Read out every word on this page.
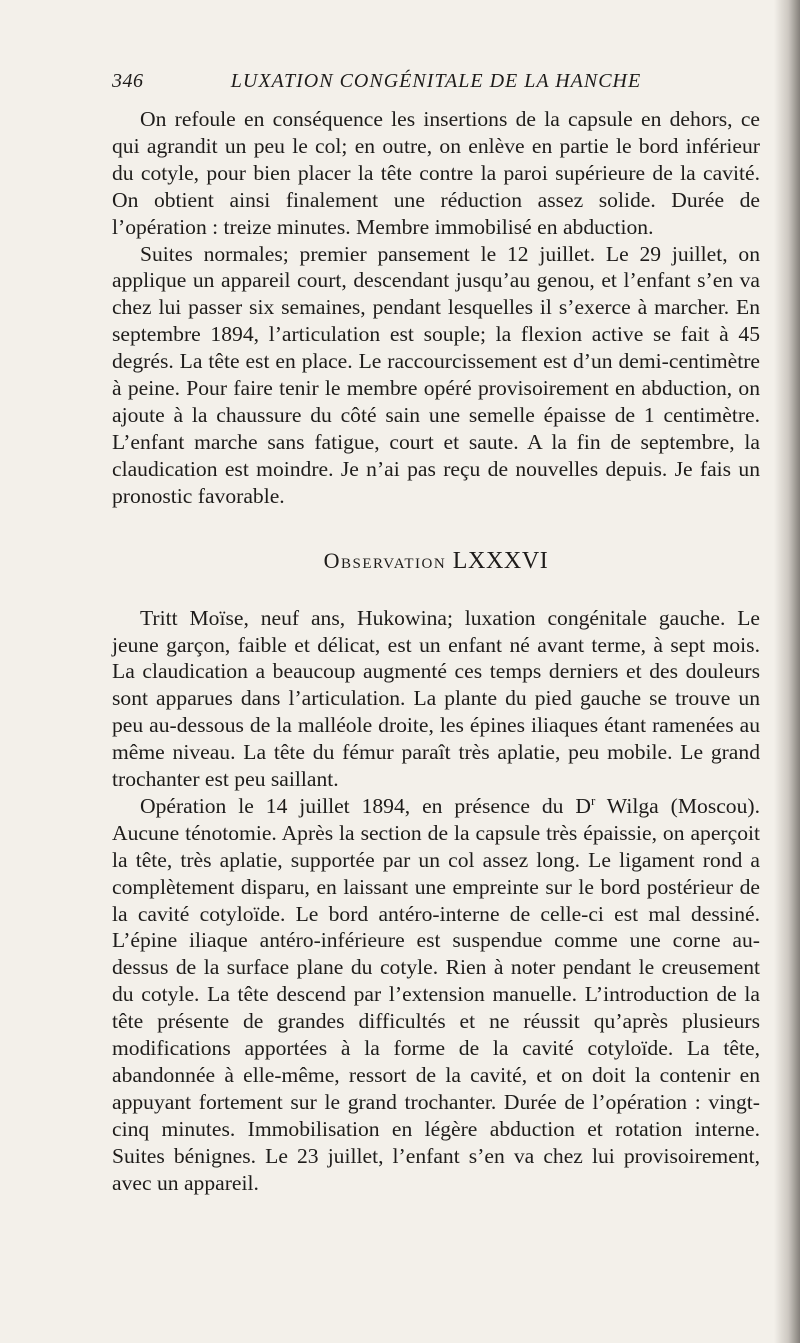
346	LUXATION CONGÉNITALE DE LA HANCHE

On refoule en conséquence les insertions de la capsule en dehors, ce qui agrandit un peu le col; en outre, on enlève en partie le bord inférieur du cotyle, pour bien placer la tête contre la paroi supérieure de la cavité. On obtient ainsi finalement une réduction assez solide. Durée de l’opération : treize minutes. Membre immobilisé en abduction.

Suites normales; premier pansement le 12 juillet. Le 29 juillet, on applique un appareil court, descendant jusqu’au genou, et l’enfant s’en va chez lui passer six semaines, pendant lesquelles il s’exerce à marcher. En septembre 1894, l’articulation est souple; la flexion active se fait à 45 degrés. La tête est en place. Le raccourcissement est d’un demi-centimètre à peine. Pour faire tenir le membre opéré provisoirement en abduction, on ajoute à la chaussure du côté sain une semelle épaisse de 1 centimètre. L’enfant marche sans fatigue, court et saute. A la fin de septembre, la claudication est moindre. Je n’ai pas reçu de nouvelles depuis. Je fais un pronostic favorable.

Observation LXXXVI

Tritt Moïse, neuf ans, Hukowina; luxation congénitale gauche. Le jeune garçon, faible et délicat, est un enfant né avant terme, à sept mois. La claudication a beaucoup augmenté ces temps derniers et des douleurs sont apparues dans l’articulation. La plante du pied gauche se trouve un peu au-dessous de la malléole droite, les épines iliaques étant ramenées au même niveau. La tête du fémur paraît très aplatie, peu mobile. Le grand trochanter est peu saillant.

Opération le 14 juillet 1894, en présence du $D^r$ Wilga (Moscou). Aucune ténotomie. Après la section de la capsule très épaissie, on aperçoit la tête, très aplatie, supportée par un col assez long. Le ligament rond a complètement disparu, en laissant une empreinte sur le bord postérieur de la cavité cotyloïde. Le bord antéro-interne de celle-ci est mal dessiné. L’épine iliaque antéro-inférieure est suspendue comme une corne au-dessus de la surface plane du cotyle. Rien à noter pendant le creusement du cotyle. La tête descend par l’extension manuelle. L’introduction de la tête présente de grandes difficultés et ne réussit qu’après plusieurs modifications apportées à la forme de la cavité cotyloïde. La tête, abandonnée à elle-même, ressort de la cavité, et on doit la contenir en appuyant fortement sur le grand trochanter. Durée de l’opération : vingt-cinq minutes. Immobilisation en légère abduction et rotation interne. Suites bénignes. Le 23 juillet, l’enfant s’en va chez lui provisoirement, avec un appareil.
